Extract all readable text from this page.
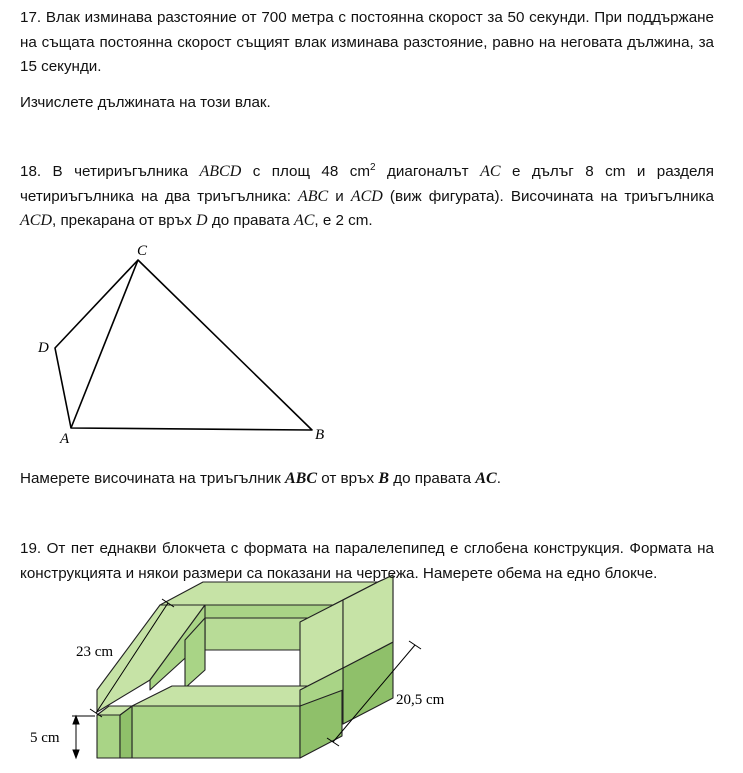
17. Влак изминава разстояние от 700 метра с постоянна скорост за 50 секунди. При поддържане на същата постоянна скорост същият влак изминава разстояние, равно на неговата дължина, за 15 секунди.

Изчислете дължината на този влак.

18. В четириъгълника ABCD с площ 48 $cm^2$ диагоналът AC е дълъг 8 cm и разделя четириъгълника на два триъгълника: ABC и ACD (виж фигурата). Височината на триъгълника ACD, прекарана от връх D до правата AC, е 2 cm.

C
D
A	B
23 cm
20,5 cm
5 cm

Намерете височината на триъгълник ABC от връх B до правата AC.

19. От пет еднакви блокчета с формата на паралелепипед е сглобена конструкция. Формата на конструкцията и някои размери са показани на чертежа. Намерете обема на едно блокче.
